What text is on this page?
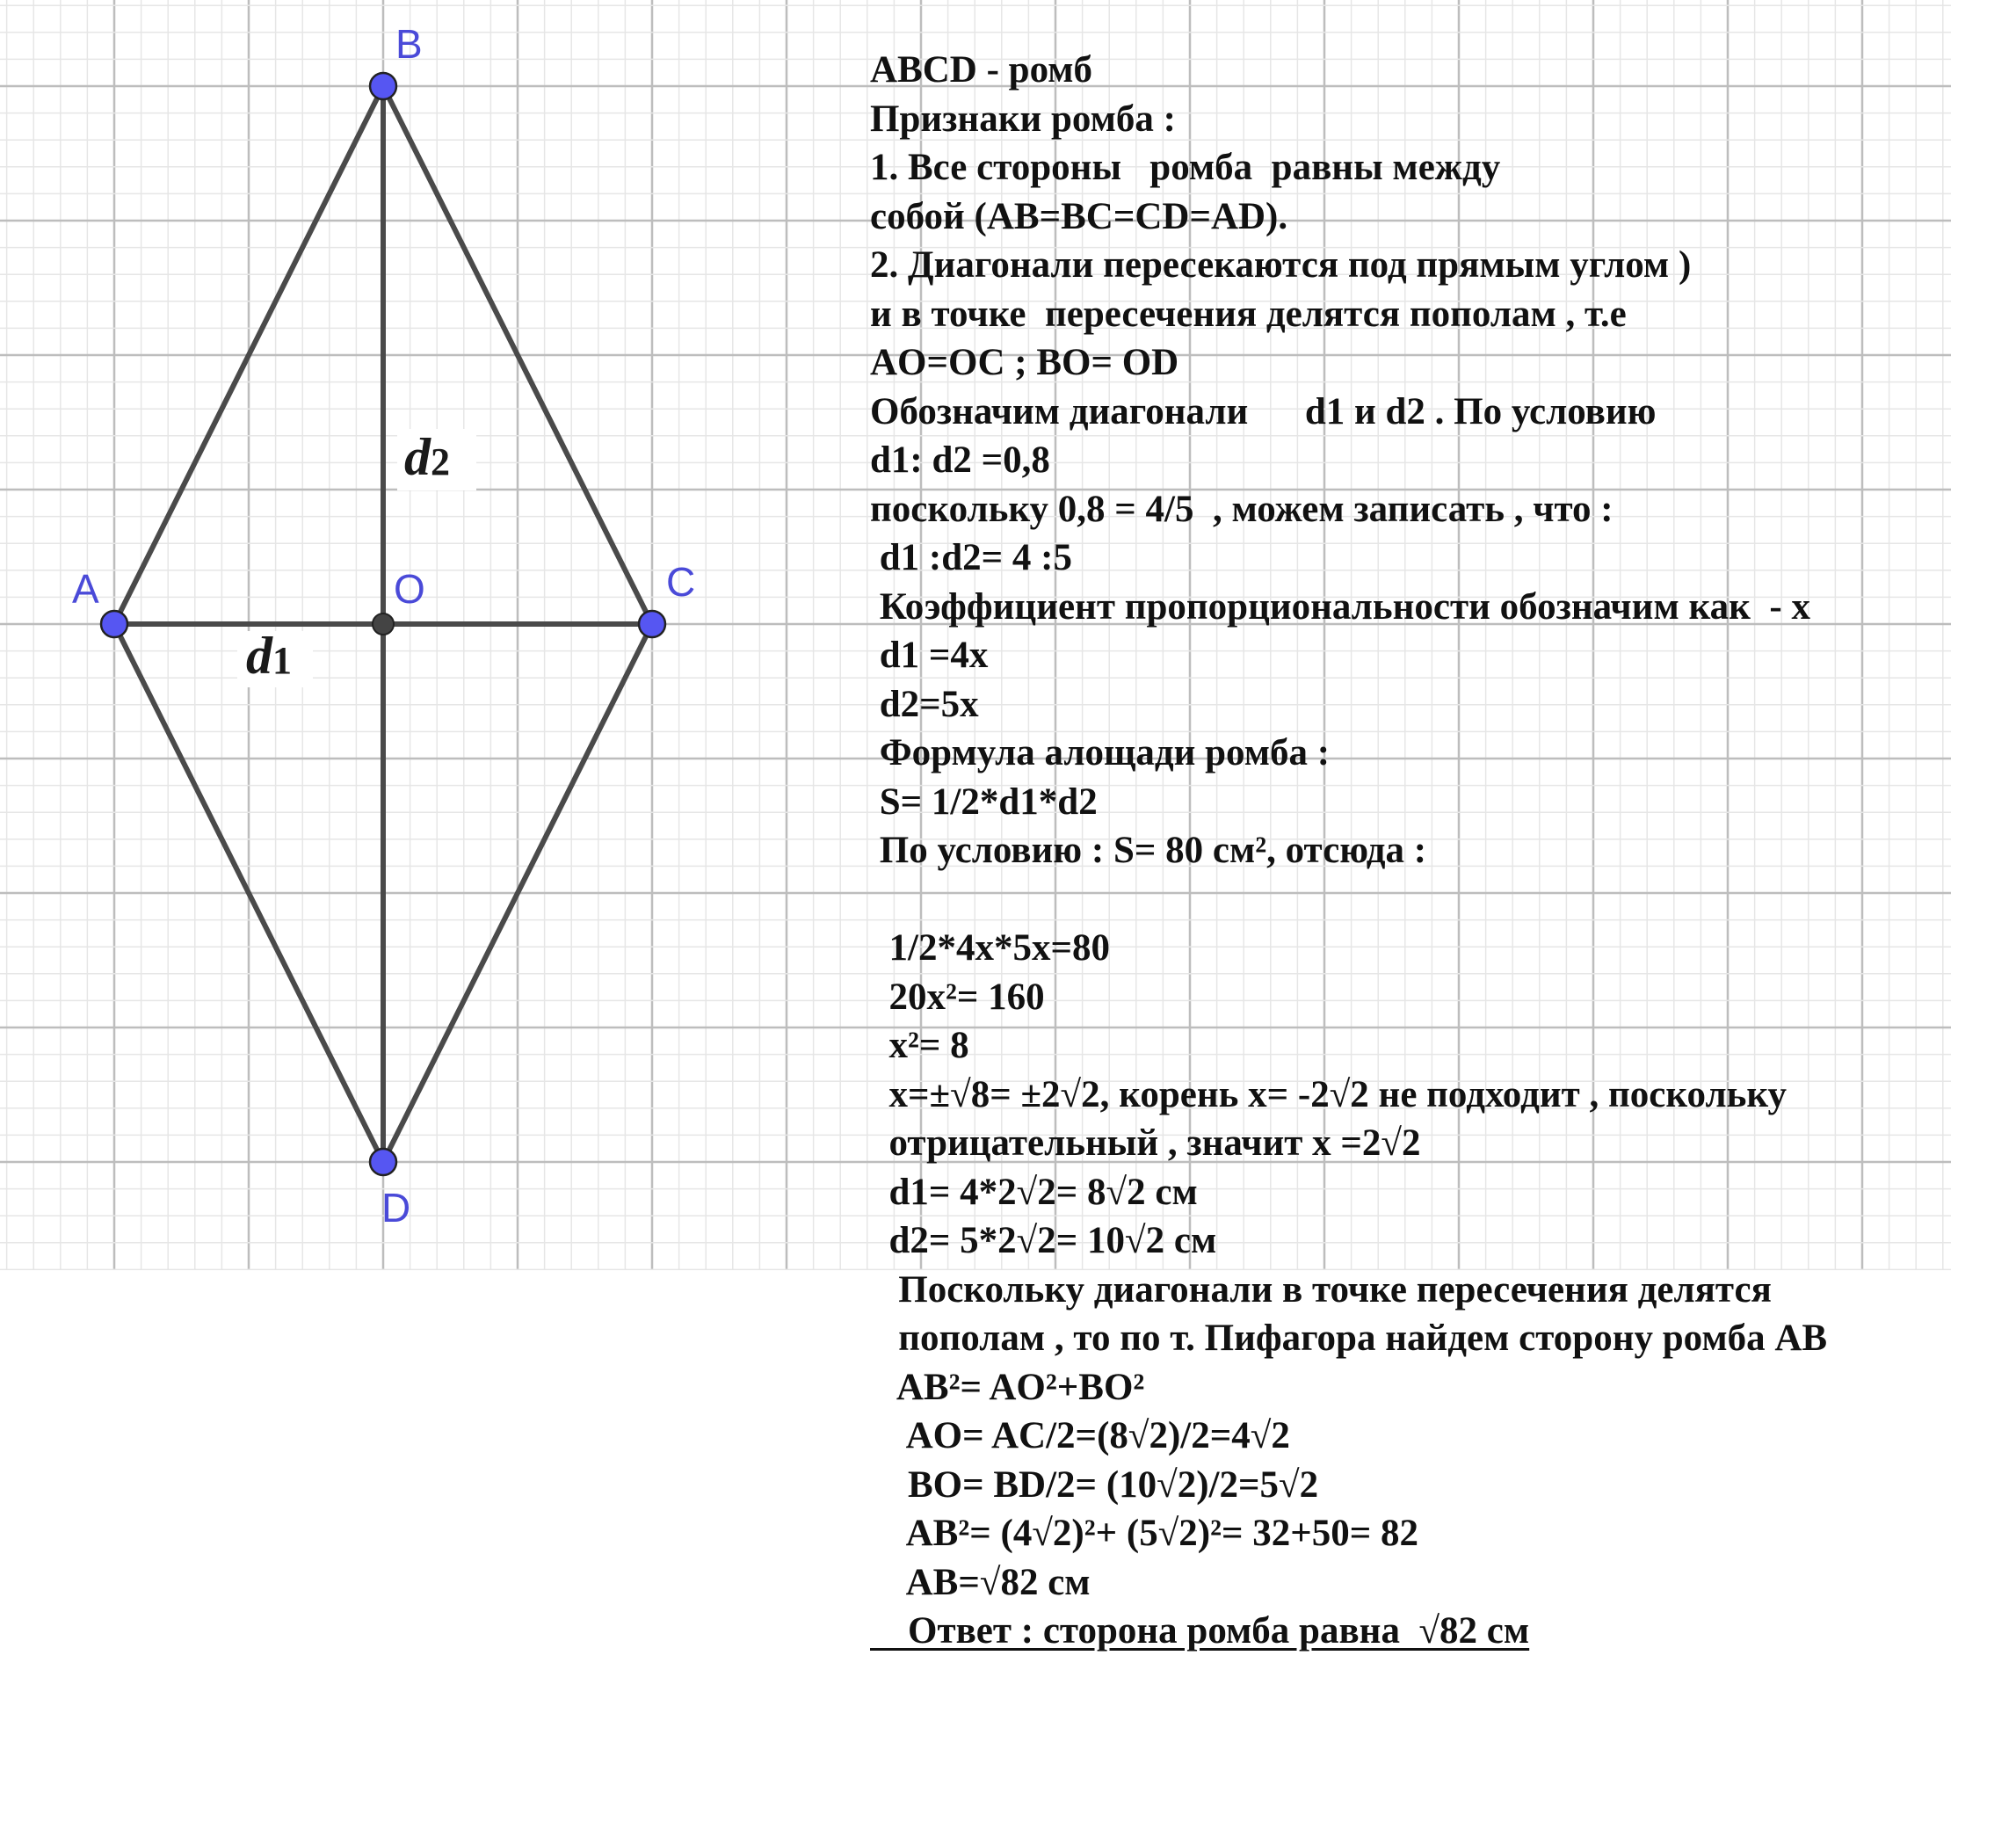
d2
d1
B
A	C
O
D
ABCD - ромб
Признаки ромба :
1. Все стороны   ромба  равны между
собой (AB=BC=CD=AD).
2. Диагонали пересекаются под прямым углом )
и в точке  пересечения делятся пополам , т.е
AO=OC ; BO= OD
Обозначим диагонали      d1 и d2 . По условию
d1: d2 =0,8
поскольку 0,8 = 4/5  , можем записать , что :
d1 :d2= 4 :5
Коэффициент пропорциональности обозначим как  - x
d1 =4x
d2=5x
Формула алощади ромба :
S= 1/2*d1*d2
По условию : S= 80 см², отсюда :
1/2*4x*5x=80
20x²= 160
x²= 8
x=±√8= ±2√2, корень x= -2√2 не подходит , поскольку
отрицательный , значит x =2√2
d1= 4*2√2= 8√2 см
d2= 5*2√2= 10√2 см
Поскольку диагонали в точке пересечения делятся
пополам , то по т. Пифагора найдем сторону ромба AB
AB²= AO²+BO²
AO= AC/2=(8√2)/2=4√2
BO= BD/2= (10√2)/2=5√2
AB²= (4√2)²+ (5√2)²= 32+50= 82
AB=√82 см
Ответ : сторона ромба равна  √82 см
